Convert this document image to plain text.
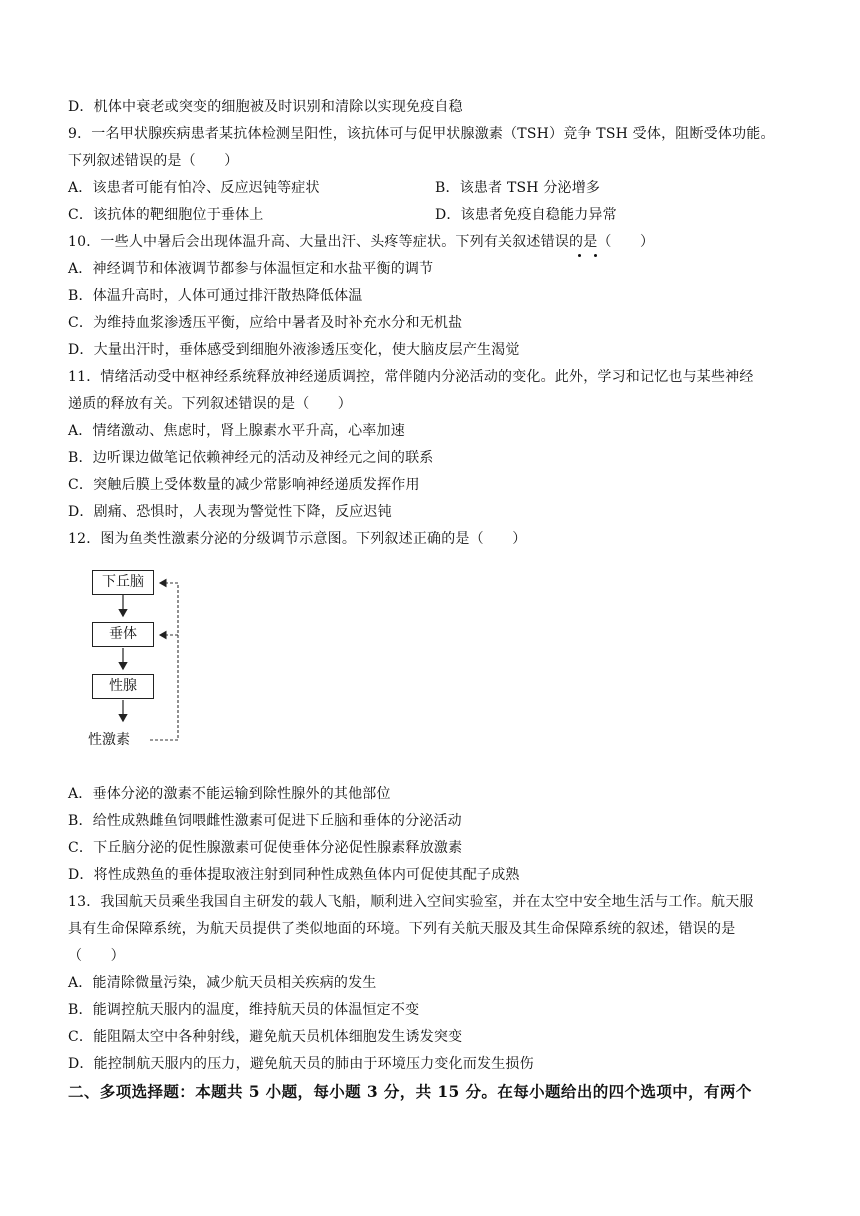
D．机体中衰老或突变的细胞被及时识别和清除以实现免疫自稳
9．一名甲状腺疾病患者某抗体检测呈阳性，该抗体可与促甲状腺激素（TSH）竞争 TSH 受体，阻断受体功能。
下列叙述错误的是（　　）
A．该患者可能有怕冷、反应迟钝等症状	B．该患者 TSH 分泌增多
C．该抗体的靶细胞位于垂体上	D．该患者免疫自稳能力异常
10．一些人中暑后会出现体温升高、大量出汗、头疼等症状。下列有关叙述错误的是（　　）
A．神经调节和体液调节都参与体温恒定和水盐平衡的调节
B．体温升高时，人体可通过排汗散热降低体温
C．为维持血浆渗透压平衡，应给中暑者及时补充水分和无机盐
D．大量出汗时，垂体感受到细胞外液渗透压变化，使大脑皮层产生渴觉
11．情绪活动受中枢神经系统释放神经递质调控，常伴随内分泌活动的变化。此外，学习和记忆也与某些神经
递质的释放有关。下列叙述错误的是（　　）
A．情绪激动、焦虑时，肾上腺素水平升高，心率加速
B．边听课边做笔记依赖神经元的活动及神经元之间的联系
C．突触后膜上受体数量的减少常影响神经递质发挥作用
D．剧痛、恐惧时，人表现为警觉性下降，反应迟钝
12．图为鱼类性激素分泌的分级调节示意图。下列叙述正确的是（　　）
下丘脑
垂体
性腺
性激素
A．垂体分泌的激素不能运输到除性腺外的其他部位
B．给性成熟雌鱼饲喂雌性激素可促进下丘脑和垂体的分泌活动
C．下丘脑分泌的促性腺激素可促使垂体分泌促性腺素释放激素
D．将性成熟鱼的垂体提取液注射到同种性成熟鱼体内可促使其配子成熟
13．我国航天员乘坐我国自主研发的载人飞船，顺利进入空间实验室，并在太空中安全地生活与工作。航天服
具有生命保障系统，为航天员提供了类似地面的环境。下列有关航天服及其生命保障系统的叙述，错误的是
（　　）
A．能清除微量污染，减少航天员相关疾病的发生
B．能调控航天服内的温度，维持航天员的体温恒定不变
C．能阻隔太空中各种射线，避免航天员机体细胞发生诱发突变
D．能控制航天服内的压力，避免航天员的肺由于环境压力变化而发生损伤
二、多项选择题：本题共 5 小题，每小题 3 分，共 15 分。在每小题给出的四个选项中，有两个
